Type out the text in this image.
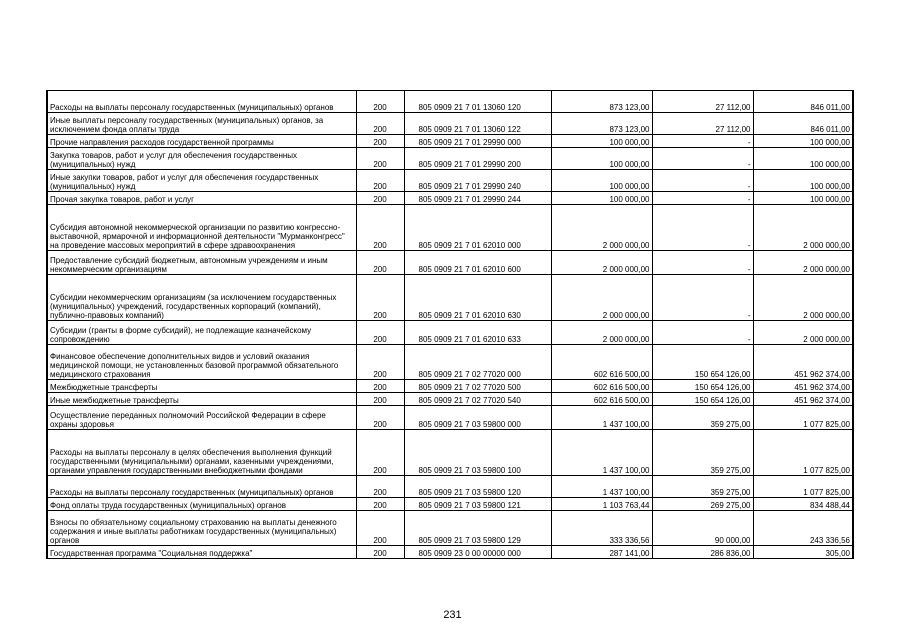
Расходы на выплаты персоналу государственных (муниципальных) органов	200	805 0909 21 7 01 13060 120	873 123,00	27 112,00	846 011,00
Иные выплаты персоналу государственных (муниципальных) органов, за исключением фонда оплаты труда	200	805 0909 21 7 01 13060 122	873 123,00	27 112,00	846 011,00
Прочие направления расходов государственной программы	200	805 0909 21 7 01 29990 000	100 000,00	-	100 000,00
Закупка товаров, работ и услуг для обеспечения государственных (муниципальных) нужд	200	805 0909 21 7 01 29990 200	100 000,00	-	100 000,00
Иные закупки товаров, работ и услуг для обеспечения государственных (муниципальных) нужд	200	805 0909 21 7 01 29990 240	100 000,00	-	100 000,00
Прочая закупка товаров, работ и услуг	200	805 0909 21 7 01 29990 244	100 000,00	-	100 000,00
Субсидия автономной некоммерческой организации по развитию конгрессно-выставочной, ярмарочной и информационной деятельности "Мурманконгресс" на проведение массовых мероприятий в сфере здравоохранения	200	805 0909 21 7 01 62010 000	2 000 000,00	-	2 000 000,00
Предоставление субсидий бюджетным, автономным учреждениям и иным некоммерческим организациям	200	805 0909 21 7 01 62010 600	2 000 000,00	-	2 000 000,00
Субсидии некоммерческим организациям (за исключением государственных (муниципальных) учреждений, государственных корпораций (компаний), публично-правовых компаний)	200	805 0909 21 7 01 62010 630	2 000 000,00	-	2 000 000,00
Субсидии (гранты в форме субсидий), не подлежащие казначейскому сопровождению	200	805 0909 21 7 01 62010 633	2 000 000,00	-	2 000 000,00
Финансовое обеспечение дополнительных видов и условий оказания медицинской помощи, не установленных базовой программой обязательного медицинского страхования	200	805 0909 21 7 02 77020 000	602 616 500,00	150 654 126,00	451 962 374,00
Межбюджетные трансферты	200	805 0909 21 7 02 77020 500	602 616 500,00	150 654 126,00	451 962 374,00
Иные межбюджетные трансферты	200	805 0909 21 7 02 77020 540	602 616 500,00	150 654 126,00	451 962 374,00
Осуществление переданных полномочий Российской Федерации в сфере охраны здоровья	200	805 0909 21 7 03 59800 000	1 437 100,00	359 275,00	1 077 825,00
Расходы на выплаты персоналу в целях обеспечения выполнения функций государственными (муниципальными) органами, казенными учреждениями, органами управления государственными внебюджетными фондами	200	805 0909 21 7 03 59800 100	1 437 100,00	359 275,00	1 077 825,00
Расходы на выплаты персоналу государственных (муниципальных) органов	200	805 0909 21 7 03 59800 120	1 437 100,00	359 275,00	1 077 825,00
Фонд оплаты труда государственных (муниципальных) органов	200	805 0909 21 7 03 59800 121	1 103 763,44	269 275,00	834 488,44
Взносы по обязательному социальному страхованию на выплаты денежного содержания и иные выплаты работникам государственных (муниципальных) органов	200	805 0909 21 7 03 59800 129	333 336,56	90 000,00	243 336,56
Государственная программа "Социальная поддержка"	200	805 0909 23 0 00 00000 000	287 141,00	286 836,00	305,00
231
